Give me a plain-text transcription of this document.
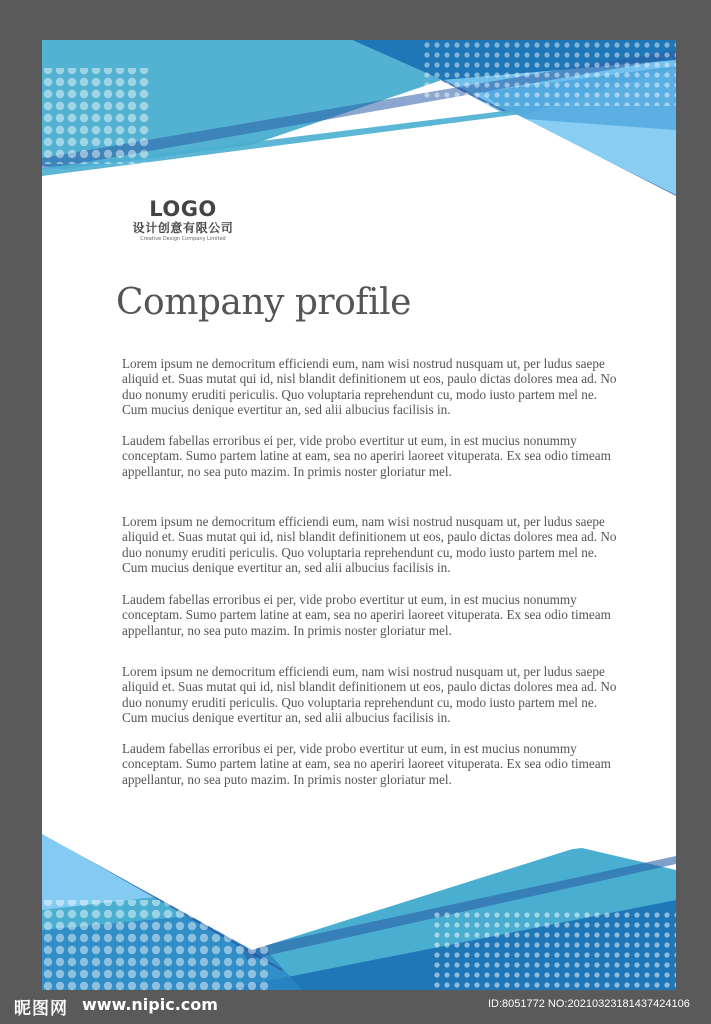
LOGO
设计创意有限公司
Creative Design Company Limited
Company profile

Lorem ipsum ne democritum efficiendi eum, nam wisi nostrud nusquam ut, per ludus saepe aliquid et. Suas mutat qui id, nisl blandit definitionem ut eos, paulo dictas dolores mea ad. No duo nonumy eruditi periculis. Quo voluptaria reprehendunt cu, modo iusto partem mel ne. Cum mucius denique evertitur an, sed alii albucius facilisis in.

Laudem fabellas erroribus ei per, vide probo evertitur ut eum, in est mucius nonummy conceptam. Sumo partem latine at eam, sea no aperiri laoreet vituperata. Ex sea odio timeam appellantur, no sea puto mazim. In primis noster gloriatur mel.

Lorem ipsum ne democritum efficiendi eum, nam wisi nostrud nusquam ut, per ludus saepe aliquid et. Suas mutat qui id, nisl blandit definitionem ut eos, paulo dictas dolores mea ad. No duo nonumy eruditi periculis. Quo voluptaria reprehendunt cu, modo iusto partem mel ne. Cum mucius denique evertitur an, sed alii albucius facilisis in.

Laudem fabellas erroribus ei per, vide probo evertitur ut eum, in est mucius nonummy conceptam. Sumo partem latine at eam, sea no aperiri laoreet vituperata. Ex sea odio timeam appellantur, no sea puto mazim. In primis noster gloriatur mel.

Lorem ipsum ne democritum efficiendi eum, nam wisi nostrud nusquam ut, per ludus saepe aliquid et. Suas mutat qui id, nisl blandit definitionem ut eos, paulo dictas dolores mea ad. No duo nonumy eruditi periculis. Quo voluptaria reprehendunt cu, modo iusto partem mel ne. Cum mucius denique evertitur an, sed alii albucius facilisis in.

Laudem fabellas erroribus ei per, vide probo evertitur ut eum, in est mucius nonummy conceptam. Sumo partem latine at eam, sea no aperiri laoreet vituperata. Ex sea odio timeam appellantur, no sea puto mazim. In primis noster gloriatur mel.

昵图网 www.nipic.com	ID:8051772 NO:20210323181437424106
